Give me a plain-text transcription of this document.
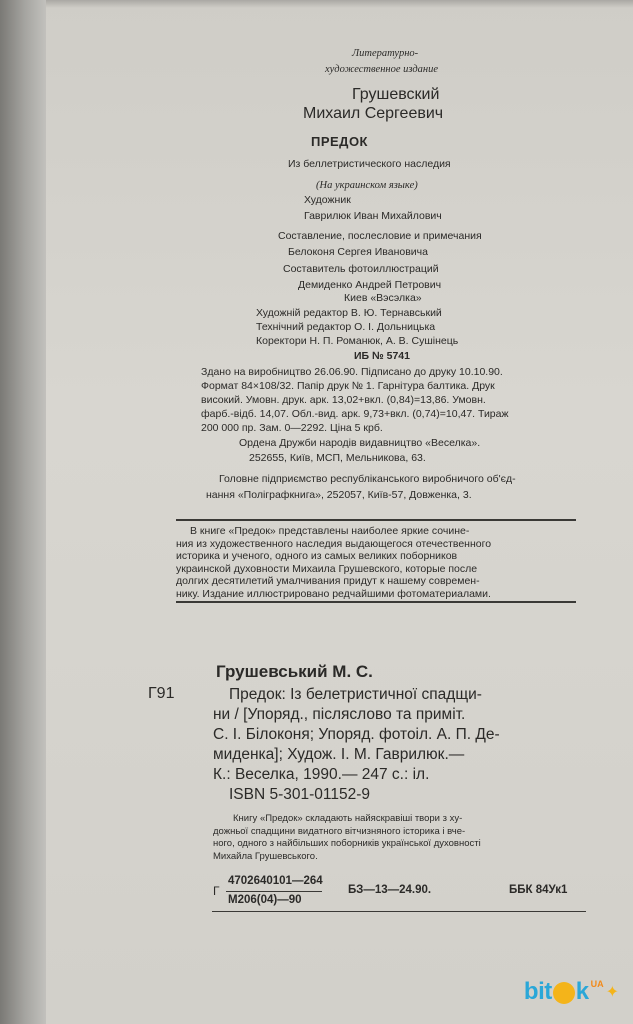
Литературно-
художественное издание
Грушевский
Михаил Сергеевич
ПРЕДОК
Из беллетристического наследия
(На украинском языке)
Художник
Гаврилюк Иван Михайлович
Составление, послесловие и примечания
Белоконя Сергея Ивановича
Составитель фотоиллюстраций
Демиденко Андрей Петрович
Киев «Вэсэлка»
Художній редактор В. Ю. Тернавський
Технічний редактор О. І. Дольницька
Коректори Н. П. Романюк, А. В. Сушінець
ИБ № 5741
Здано на виробництво 26.06.90. Підписано до друку 10.10.90.
Формат 84×108/32. Папір друк № 1. Гарнітура балтика. Друк
високий. Умовн. друк. арк. 13,02+вкл. (0,84)=13,86. Умовн.
фарб.-відб. 14,07. Обл.-вид. арк. 9,73+вкл. (0,74)=10,47. Тираж
200 000 пр. Зам. 0—2292. Ціна 5 крб.
Ордена Дружби народів видавництво «Веселка».
252655, Київ, МСП, Мельникова, 63.
Головне підприємство республіканського виробничого об'єд-
нання «Поліграфкнига», 252057, Київ-57, Довженка, 3.
В книге «Предок» представлены наиболее яркие сочине-
ния из художественного наследия выдающегося отечественного
историка и ученого, одного из самых великих поборников
украинской духовности Михаила Грушевского, которые после
долгих десятилетий умалчивания придут к нашему современ-
нику. Издание иллюстрировано редчайшими фотоматериалами.
Грушевський М. С.
Г91	Предок: Із белетристичної спадщи-
ни / [Упоряд., післяслово та приміт.
С. І. Білоконя; Упоряд. фотоіл. А. П. Де-
миденка]; Худож. І. М. Гаврилюк.—
К.: Веселка, 1990.— 247 с.: іл.
ISBN 5-301-01152-9
Книгу «Предок» складають найяскравіші твори з ху-
дожньої спадщини видатного вітчизняного історика і вче-
ного, одного з найбільших поборників української духовності
Михайла Грушевського.
Г
4702640101—264
М206(04)—90
БЗ—13—24.90.	ББК 84Ук1
bit k UA ✦
